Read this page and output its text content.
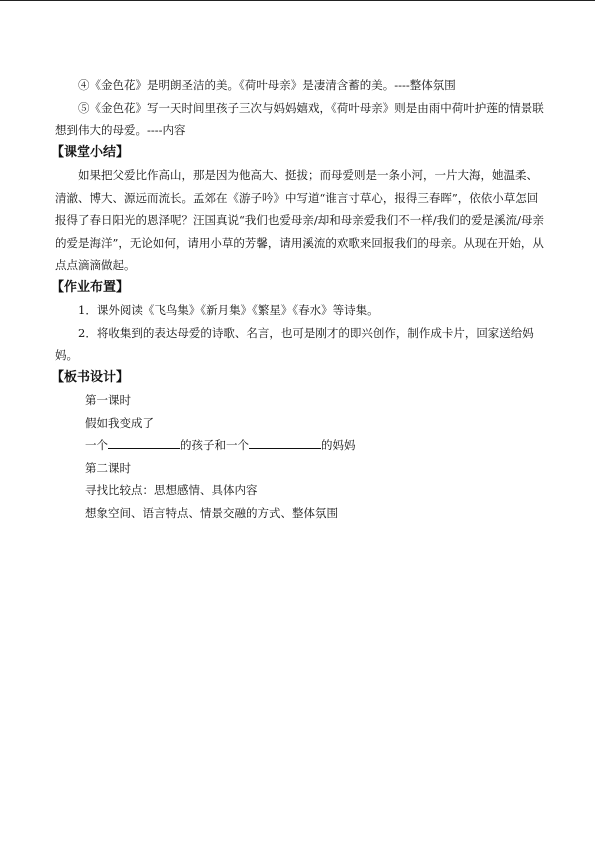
④《金色花》是明朗圣洁的美。《荷叶母亲》是凄清含蓄的美。----整体氛围

⑤《金色花》写一天时间里孩子三次与妈妈嬉戏，《荷叶母亲》则是由雨中荷叶护莲的情景联想到伟大的母爱。----内容

【课堂小结】

如果把父爱比作高山，那是因为他高大、挺拔；而母爱则是一条小河，一片大海，她温柔、清澈、博大、源远而流长。孟郊在《游子吟》中写道“谁言寸草心，报得三春晖”，依依小草怎回报得了春日阳光的恩泽呢？汪国真说“我们也爱母亲/却和母亲爱我们不一样/我们的爱是溪流/母亲的爱是海洋”，无论如何，请用小草的芳馨，请用溪流的欢歌来回报我们的母亲。从现在开始，从点点滴滴做起。

【作业布置】

1．课外阅读《飞鸟集》《新月集》《繁星》《春水》等诗集。

2．将收集到的表达母爱的诗歌、名言，也可是刚才的即兴创作，制作成卡片，回家送给妈妈。

【板书设计】

第一课时

假如我变成了

一个	的孩子和一个	的妈妈

第二课时

寻找比较点：思想感情、具体内容

想象空间、语言特点、情景交融的方式、整体氛围
